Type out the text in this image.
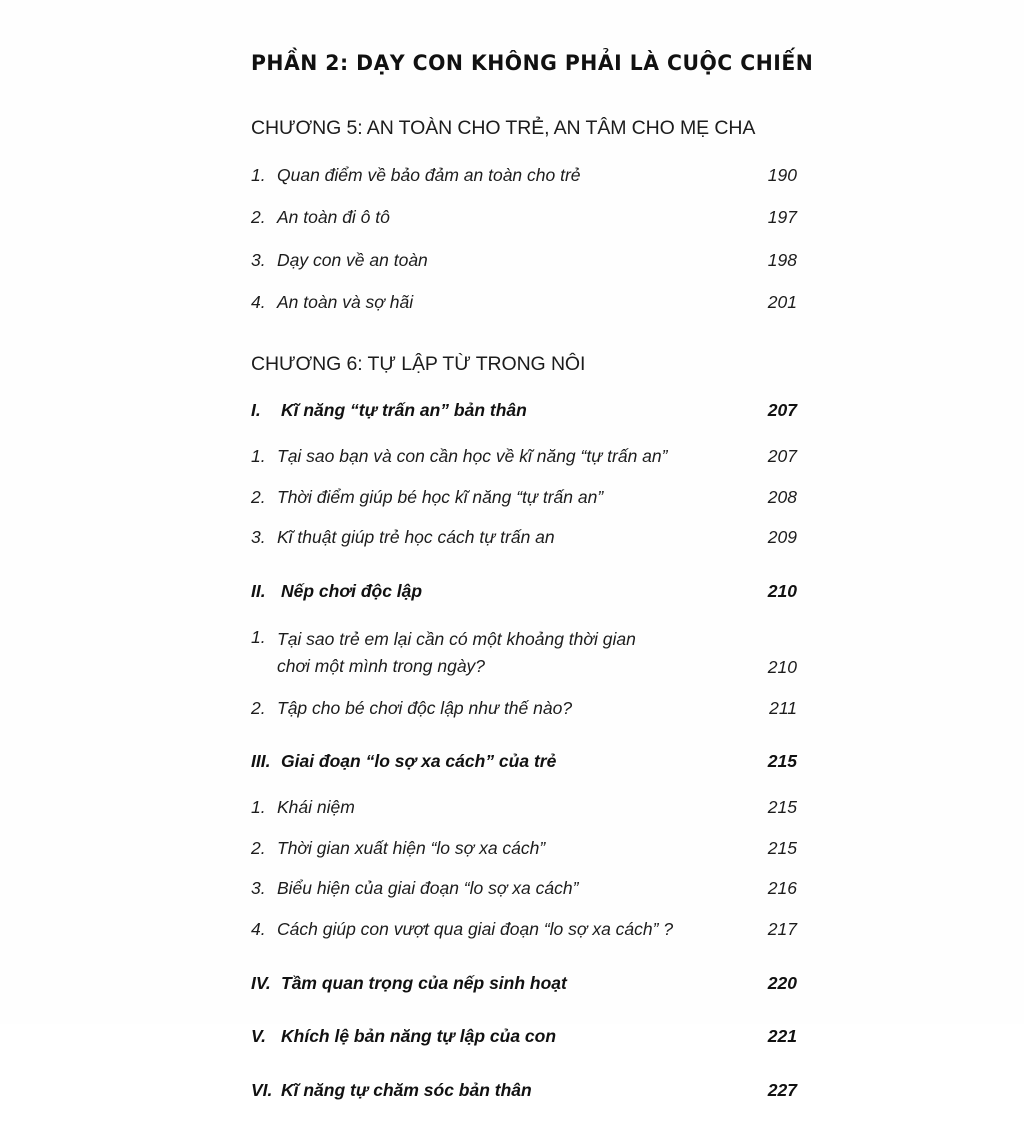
PHẦN 2: DẠY CON KHÔNG PHẢI LÀ CUỘC CHIẾN
CHƯƠNG 5: AN TOÀN CHO TRẺ, AN TÂM CHO MẸ CHA
1. Quan điểm về bảo đảm an toàn cho trẻ	190
2. An toàn đi ô tô	197
3. Dạy con về an toàn	198
4. An toàn và sợ hãi	201
CHƯƠNG 6: TỰ LẬP TỪ TRONG NÔI
I.	Kĩ năng “tự trấn an” bản thân	207
1. Tại sao bạn và con cần học về kĩ năng “tự trấn an”	207
2. Thời điểm giúp bé học kĩ năng “tự trấn an”	208
3. Kĩ thuật giúp trẻ học cách tự trấn an	209
II. Nếp chơi độc lập	210
1. Tại sao trẻ em lại cần có một khoảng thời gian chơi một mình trong ngày?	210
2. Tập cho bé chơi độc lập như thế nào?	211
III. Giai đoạn “lo sợ xa cách” của trẻ	215
1. Khái niệm	215
2. Thời gian xuất hiện “lo sợ xa cách”	215
3. Biểu hiện của giai đoạn “lo sợ xa cách”	216
4. Cách giúp con vượt qua giai đoạn “lo sợ xa cách” ?	217
IV. Tầm quan trọng của nếp sinh hoạt	220
V. Khích lệ bản năng tự lập của con	221
VI. Kĩ năng tự chăm sóc bản thân	227
